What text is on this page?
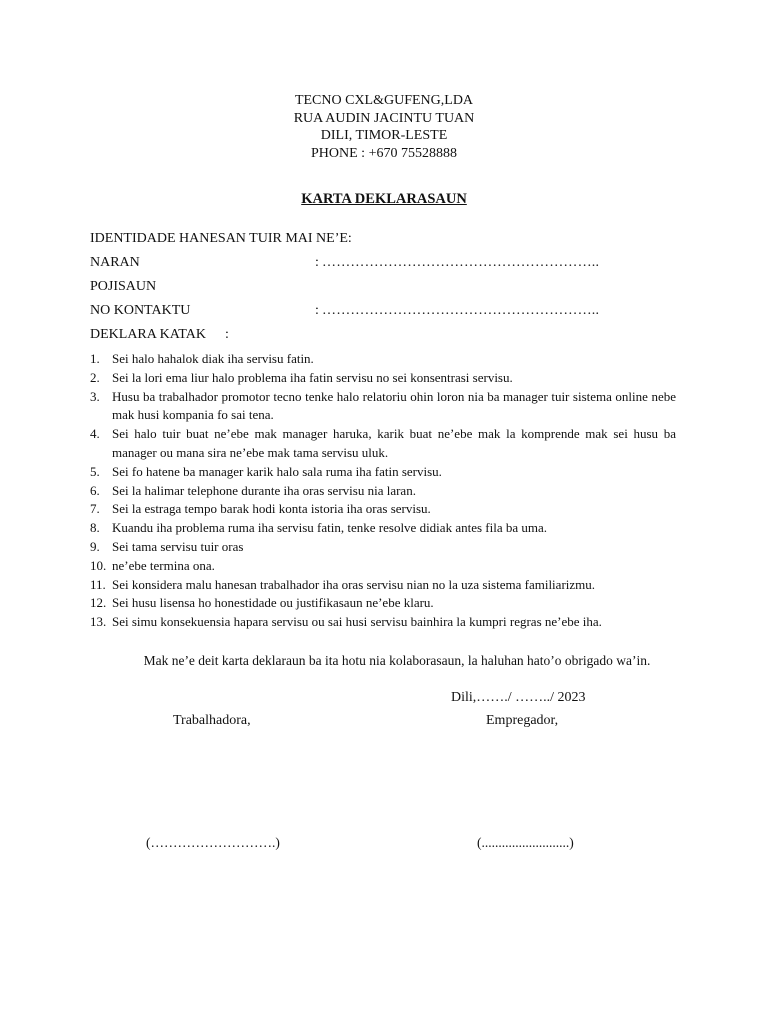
TECNO CXL&GUFENG,LDA
RUA AUDIN JACINTU TUAN
DILI, TIMOR-LESTE
PHONE : +670 75528888
KARTA DEKLARASAUN
IDENTIDADE HANESAN TUIR MAI NE’E:
NARAN	: …………………………………………………..
POJISAUN
NO KONTAKTU	: …………………………………………………..
DEKLARA KATAK :
1. Sei halo hahalok diak iha servisu fatin.
2. Sei la lori ema liur halo problema iha fatin servisu no sei konsentrasi servisu.
3. Husu ba trabalhador promotor tecno tenke halo relatoriu ohin loron nia ba manager tuir sistema online nebe mak husi kompania fo sai tena.
4. Sei halo tuir buat ne’ebe mak manager haruka, karik buat ne’ebe mak la komprende mak sei husu ba manager ou mana sira ne’ebe mak tama servisu uluk.
5. Sei fo hatene ba manager karik halo sala ruma iha fatin servisu.
6. Sei la halimar telephone durante iha oras servisu nia laran.
7. Sei la estraga tempo barak hodi konta istoria iha oras servisu.
8. Kuandu iha problema ruma iha servisu fatin, tenke resolve didiak antes fila ba uma.
9. Sei tama servisu tuir oras
10. ne’ebe termina ona.
11. Sei konsidera malu hanesan trabalhador iha oras servisu nian no la uza sistema familiarizmu.
12. Sei husu lisensa ho honestidade ou justifikasaun ne’ebe klaru.
13. Sei simu konsekuensia hapara servisu ou sai husi servisu bainhira la kumpri regras ne’ebe iha.
Mak ne’e deit karta deklaraun ba ita hotu nia kolaborasaun, la haluhan hato’o obrigado wa’in.
Dili,……./ ……../ 2023
Trabalhadora,	Empregador,
(……………………….)	(..........................)
